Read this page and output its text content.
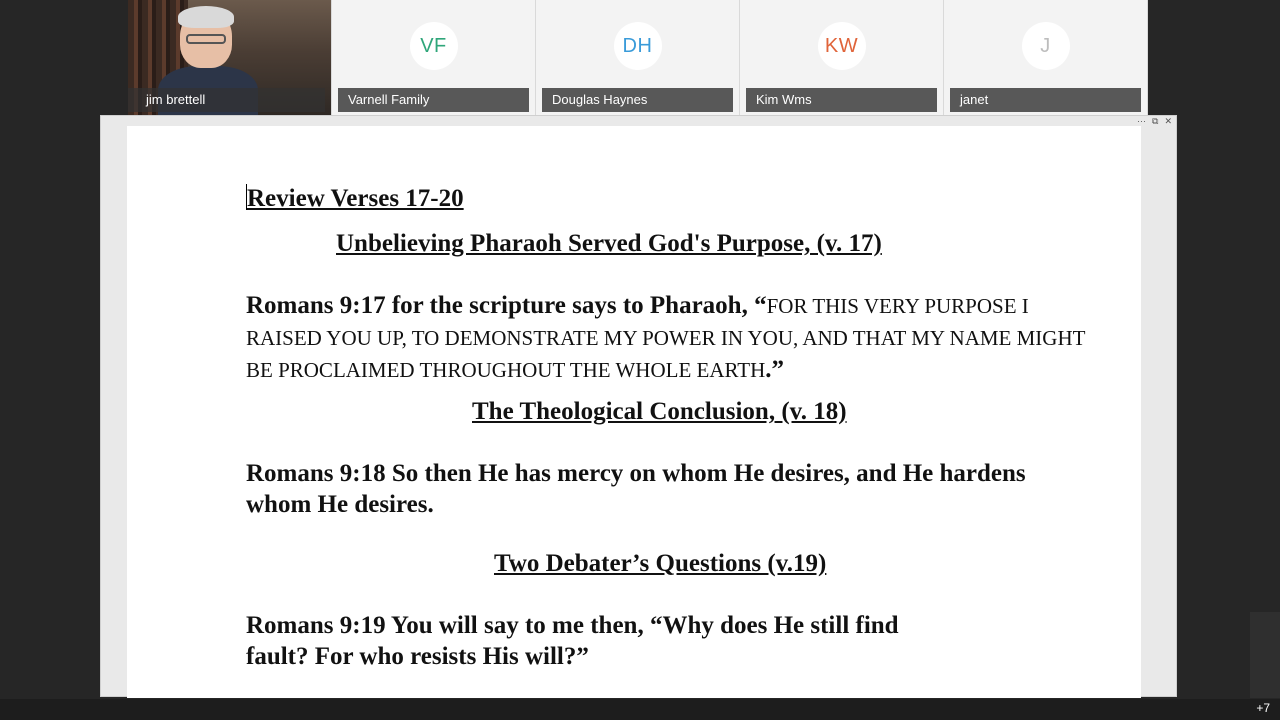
jim brettell
VF
Varnell Family
DH
Douglas Haynes
KW
Kim Wms
J
janet
··· ⧉ ✕
Review Verses 17-20
Unbelieving Pharaoh Served God's Purpose, (v. 17)
Romans 9:17 for the scripture says to Pharaoh, “FOR THIS VERY PURPOSE I RAISED YOU UP, TO DEMONSTRATE MY POWER IN YOU, AND THAT MY NAME MIGHT BE PROCLAIMED THROUGHOUT THE WHOLE EARTH.”
The Theological Conclusion, (v. 18)
Romans 9:18 So then He has mercy on whom He desires, and He hardens whom He desires.
Two Debater’s Questions (v.19)
Romans 9:19 You will say to me then, “Why does He still find
fault? For who resists His will?”
+7
